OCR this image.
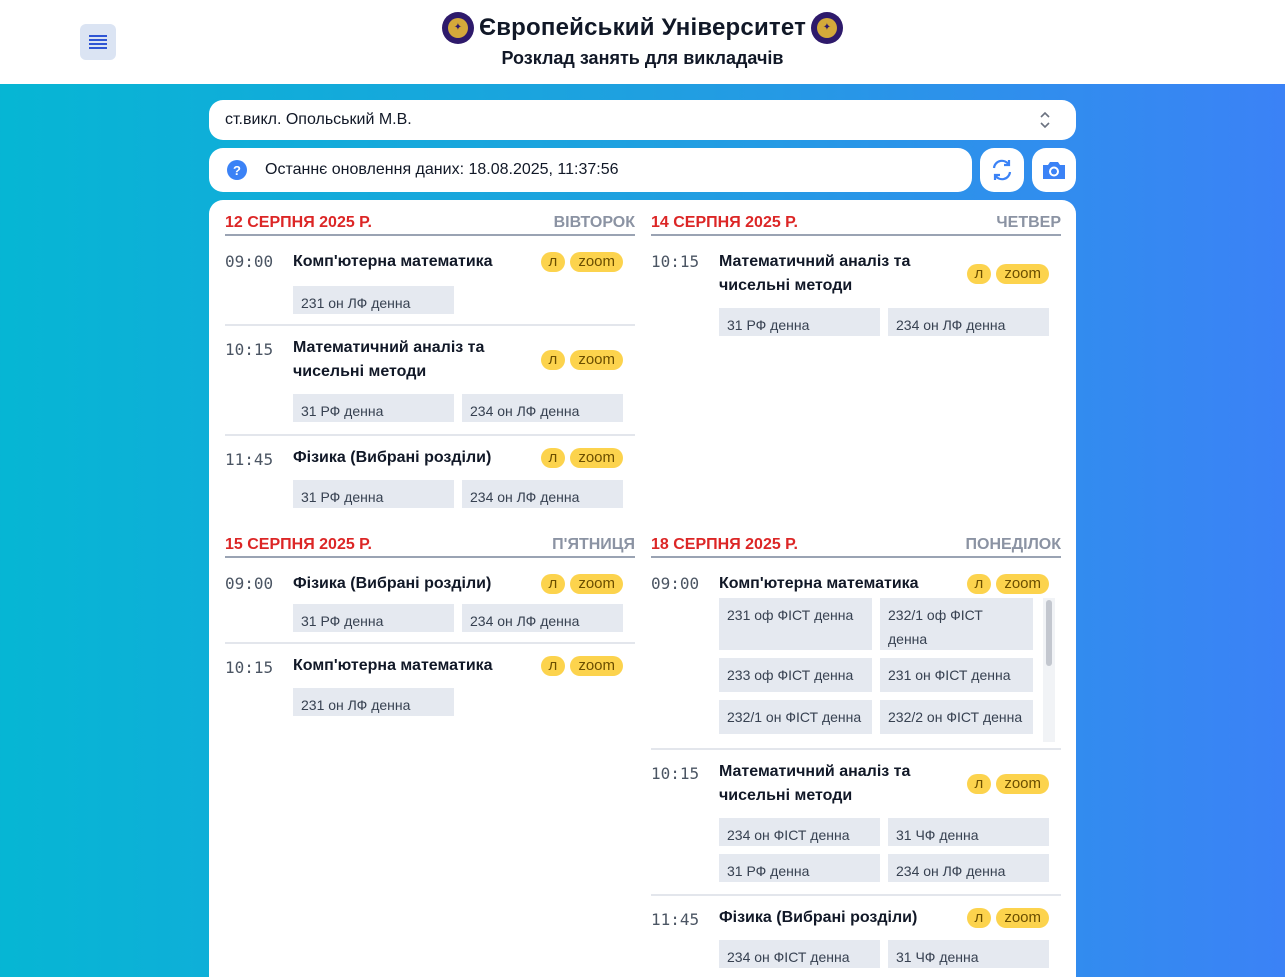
✦	✦
Європейський Університет
Розклад занять для викладачів
ст.викл. Опольський М.В.
?	Останнє оновлення даних: 18.08.2025, 11:37:56
12 СЕРПНЯ 2025 Р.	ВІВТОРОК
09:00 Комп'ютерна математика	л	zoom
231 он ЛФ денна
10:15 Математичний аналіз та чисельні методи
л	zoom
31 РФ денна	234 он ЛФ денна
11:45 Фізика (Вибрані розділи)	л	zoom
31 РФ денна	234 он ЛФ денна
14 СЕРПНЯ 2025 Р.	ЧЕТВЕР
10:15 Математичний аналіз та чисельні методи
л	zoom
31 РФ денна	234 он ЛФ денна
15 СЕРПНЯ 2025 Р.	П'ЯТНИЦЯ
09:00 Фізика (Вибрані розділи)	л	zoom
31 РФ денна	234 он ЛФ денна
10:15 Комп'ютерна математика	л	zoom
231 он ЛФ денна
18 СЕРПНЯ 2025 Р.	ПОНЕДІЛОК
09:00 Комп'ютерна математика	л	zoom
231 оф ФІСТ денна	232/1 оф ФІСТ денна
233 оф ФІСТ денна	231 он ФІСТ денна
232/1 он ФІСТ денна	232/2 он ФІСТ денна
10:15 Математичний аналіз та чисельні методи
л	zoom
234 он ФІСТ денна	31 ЧФ денна
31 РФ денна	234 он ЛФ денна
11:45 Фізика (Вибрані розділи)	л	zoom
234 он ФІСТ денна	31 ЧФ денна
